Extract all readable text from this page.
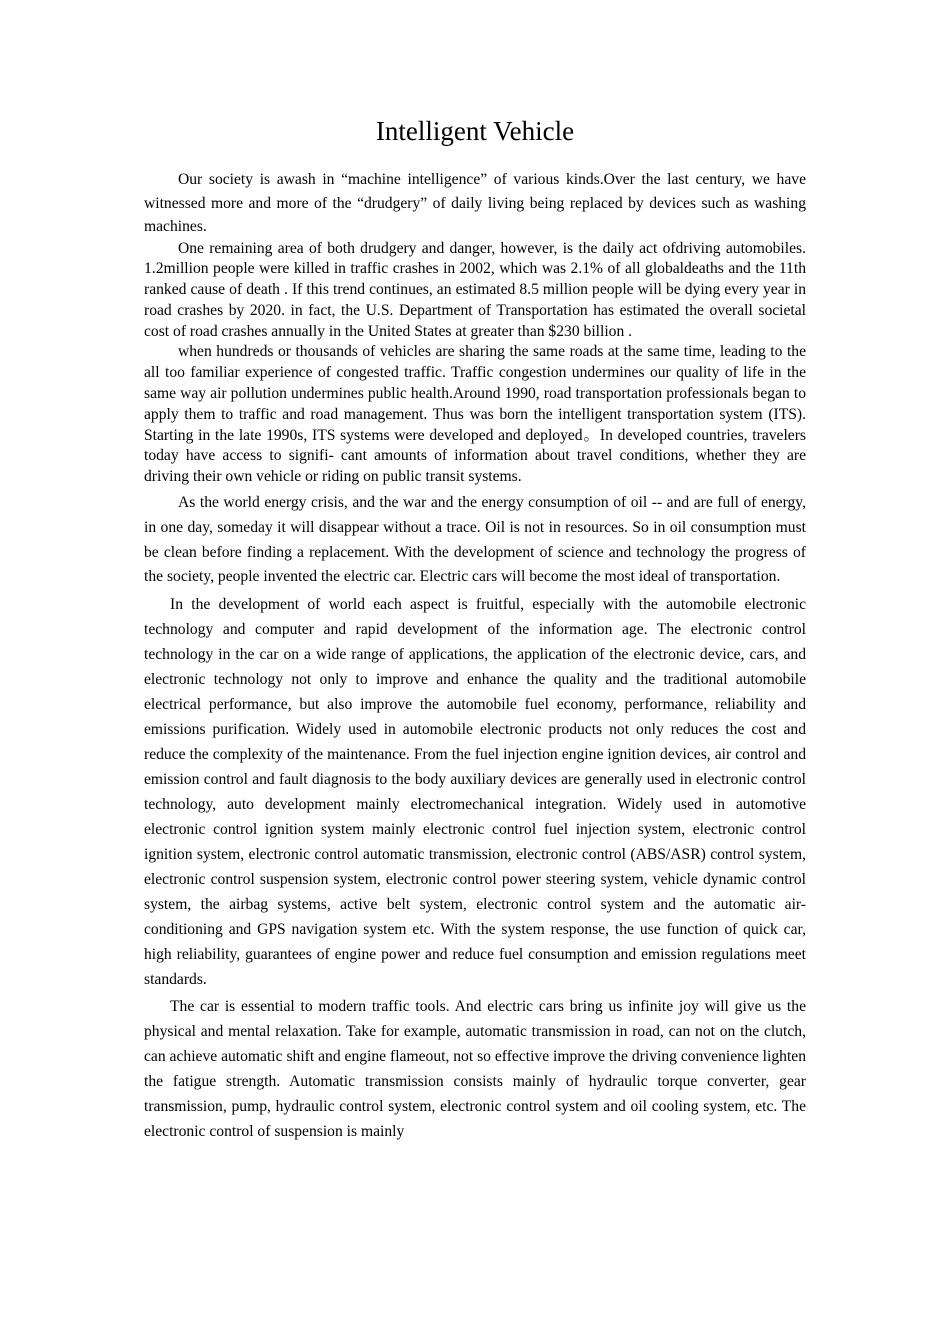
Intelligent Vehicle

Our society is awash in “machine intelligence” of various kinds.Over the last century, we have witnessed more and more of the “drudgery” of daily living being replaced by devices such as washing machines.

One remaining area of both drudgery and danger, however, is the daily act ofdriving automobiles. 1.2million people were killed in traffic crashes in 2002, which was 2.1% of all globaldeaths and the 11th ranked cause of death . If this trend continues, an estimated 8.5 million people will be dying every year in road crashes by 2020. in fact, the U.S. Department of Transportation has estimated the overall societal cost of road crashes annually in the United States at greater than $230 billion .

when hundreds or thousands of vehicles are sharing the same roads at the same time, leading to the all too familiar experience of congested traffic. Traffic congestion undermines our quality of life in the same way air pollution undermines public health.Around 1990, road transportation professionals began to apply them to traffic and road management. Thus was born the intelligent transportation system (ITS). Starting in the late 1990s, ITS systems were developed and deployed。In developed countries, travelers today have access to signifi- cant amounts of information about travel conditions, whether they are driving their own vehicle or riding on public transit systems.

As the world energy crisis, and the war and the energy consumption of oil -- and are full of energy, in one day, someday it will disappear without a trace. Oil is not in resources. So in oil consumption must be clean before finding a replacement. With the development of science and technology the progress of the society, people invented the electric car. Electric cars will become the most ideal of transportation.

In the development of world each aspect is fruitful, especially with the automobile electronic technology and computer and rapid development of the information age. The electronic control technology in the car on a wide range of applications, the application of the electronic device, cars, and electronic technology not only to improve and enhance the quality and the traditional automobile electrical performance, but also improve the automobile fuel economy, performance, reliability and emissions purification. Widely used in automobile electronic products not only reduces the cost and reduce the complexity of the maintenance. From the fuel injection engine ignition devices, air control and emission control and fault diagnosis to the body auxiliary devices are generally used in electronic control technology, auto development mainly electromechanical integration. Widely used in automotive electronic control ignition system mainly electronic control fuel injection system, electronic control ignition system, electronic control automatic transmission, electronic control (ABS/ASR) control system, electronic control suspension system, electronic control power steering system, vehicle dynamic control system, the airbag systems, active belt system, electronic control system and the automatic air-conditioning and GPS navigation system etc. With the system response, the use function of quick car, high reliability, guarantees of engine power and reduce fuel consumption and emission regulations meet standards.

The car is essential to modern traffic tools. And electric cars bring us infinite joy will give us the physical and mental relaxation. Take for example, automatic transmission in road, can not on the clutch, can achieve automatic shift and engine flameout, not so effective improve the driving convenience lighten the fatigue strength. Automatic transmission consists mainly of hydraulic torque converter, gear transmission, pump, hydraulic control system, electronic control system and oil cooling system, etc. The electronic control of suspension is mainly
